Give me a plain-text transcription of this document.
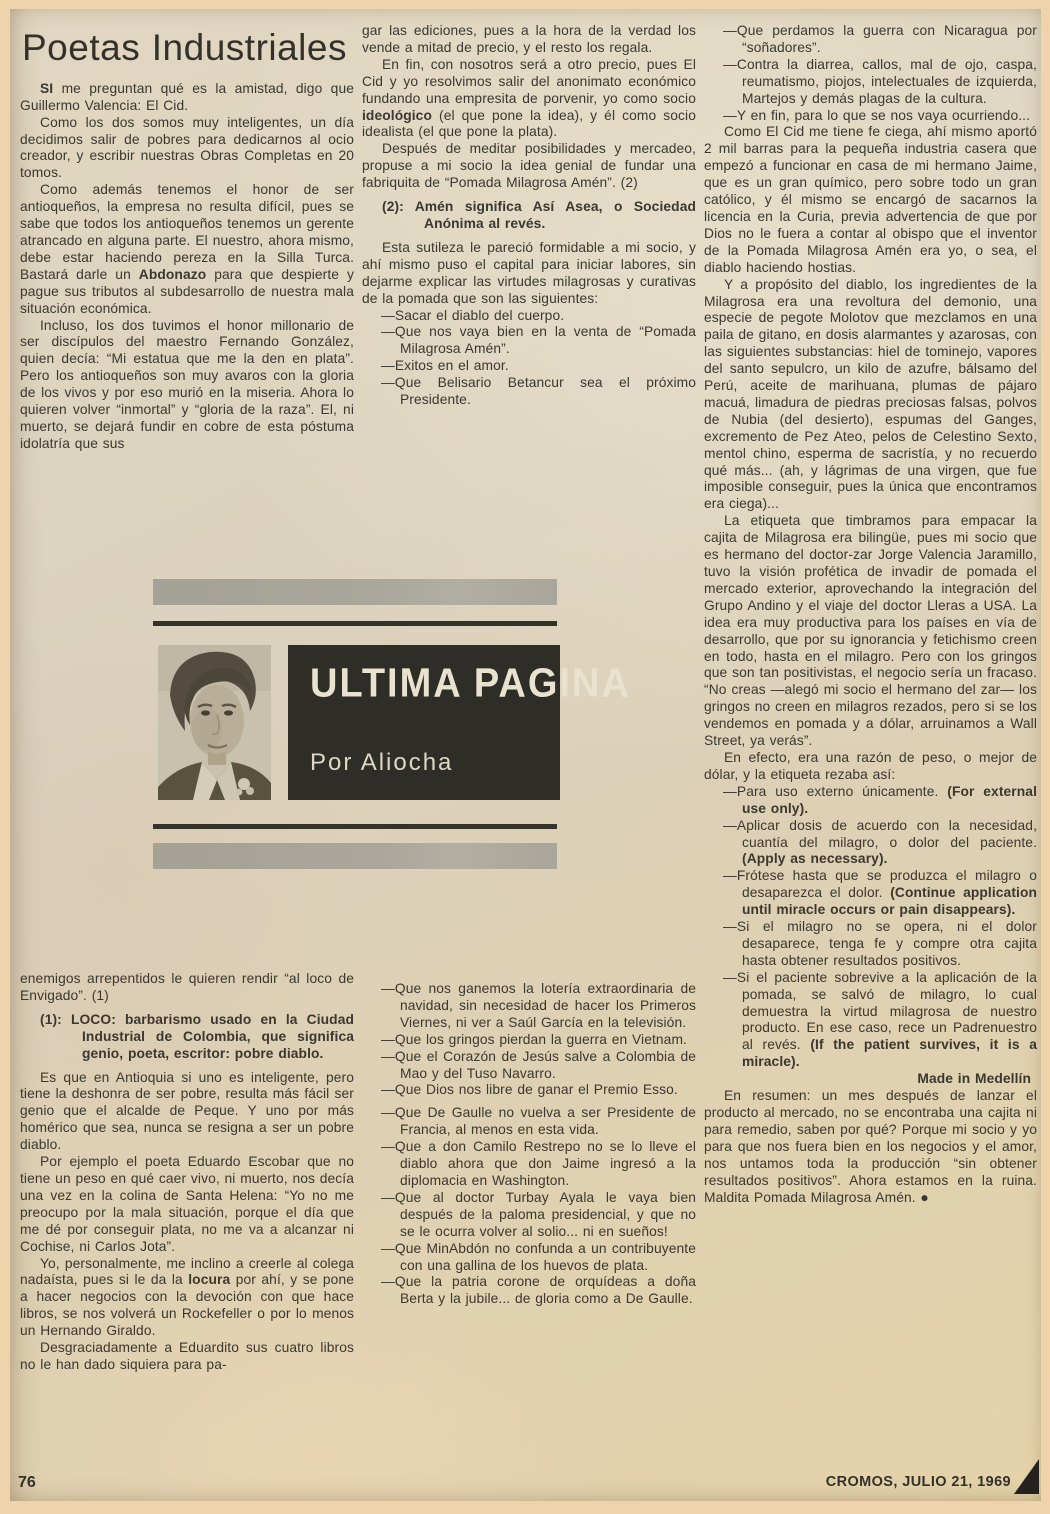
Poetas Industriales

SI me preguntan qué es la amistad, digo que Guillermo Valencia: El Cid.

Como los dos somos muy inteligentes, un día decidimos salir de pobres para dedicarnos al ocio creador, y escribir nuestras Obras Completas en 20 tomos.

Como además tenemos el honor de ser antioqueños, la empresa no resulta difícil, pues se sabe que todos los antioqueños tenemos un gerente atrancado en alguna parte. El nuestro, ahora mismo, debe estar haciendo pereza en la Silla Turca. Bastará darle un Abdonazo para que despierte y pague sus tributos al subdesarrollo de nuestra mala situación económica.

Incluso, los dos tuvimos el honor millonario de ser discípulos del maestro Fernando González, quien decía: “Mi estatua que me la den en plata”. Pero los antioqueños son muy avaros con la gloria de los vivos y por eso murió en la miseria. Ahora lo quieren volver “inmortal” y “gloria de la raza”. El, ni muerto, se dejará fundir en cobre de esta póstuma idolatría que sus

ULTIMA PAGINA
Por Aliocha

enemigos arrepentidos le quieren rendir “al loco de Envigado”. (1)

(1): LOCO: barbarismo usado en la Ciudad Industrial de Colombia, que significa genio, poeta, escritor: pobre diablo.

Es que en Antioquia si uno es inteligente, pero tiene la deshonra de ser pobre, resulta más fácil ser genio que el alcalde de Peque. Y uno por más homérico que sea, nunca se resigna a ser un pobre diablo.

Por ejemplo el poeta Eduardo Escobar que no tiene un peso en qué caer vivo, ni muerto, nos decía una vez en la colina de Santa Helena: “Yo no me preocupo por la mala situación, porque el día que me dé por conseguir plata, no me va a alcanzar ni Cochise, ni Carlos Jota”.

Yo, personalmente, me inclino a creerle al colega nadaísta, pues si le da la locura por ahí, y se pone a hacer negocios con la devoción con que hace libros, se nos volverá un Rockefeller o por lo menos un Hernando Giraldo.

Desgraciadamente a Eduardito sus cuatro libros no le han dado siquiera para pa-

gar las ediciones, pues a la hora de la verdad los vende a mitad de precio, y el resto los regala.

En fin, con nosotros será a otro precio, pues El Cid y yo resolvimos salir del anonimato económico fundando una empresita de porvenir, yo como socio ideológico (el que pone la idea), y él como socio idealista (el que pone la plata).

Después de meditar posibilidades y mercadeo, propuse a mi socio la idea genial de fundar una fabriquita de “Pomada Milagrosa Amén”. (2)

(2): Amén significa Así Asea, o Sociedad Anónima al revés.

Esta sutileza le pareció formidable a mi socio, y ahí mismo puso el capital para iniciar labores, sin dejarme explicar las virtudes milagrosas y curativas de la pomada que son las siguientes:

—Sacar el diablo del cuerpo.

—Que nos vaya bien en la venta de “Pomada Milagrosa Amén”.

—Exitos en el amor.

—Que Belisario Betancur sea el próximo Presidente.

—Que nos ganemos la lotería extraordinaria de navidad, sin necesidad de hacer los Primeros Viernes, ni ver a Saúl García en la televisión.

—Que los gringos pierdan la guerra en Vietnam.

—Que el Corazón de Jesús salve a Colombia de Mao y del Tuso Navarro.

—Que Dios nos libre de ganar el Premio Esso.

—Que De Gaulle no vuelva a ser Presidente de Francia, al menos en esta vida.

—Que a don Camilo Restrepo no se lo lleve el diablo ahora que don Jaime ingresó a la diplomacia en Washington.

—Que al doctor Turbay Ayala le vaya bien después de la paloma presidencial, y que no se le ocurra volver al solio... ni en sueños!

—Que MinAbdón no confunda a un contribuyente con una gallina de los huevos de plata.

—Que la patria corone de orquídeas a doña Berta y la jubile... de gloria como a De Gaulle.

—Que perdamos la guerra con Nicaragua por “soñadores”.

—Contra la diarrea, callos, mal de ojo, caspa, reumatismo, piojos, intelectuales de izquierda, Martejos y demás plagas de la cultura.

—Y en fin, para lo que se nos vaya ocurriendo...

Como El Cid me tiene fe ciega, ahí mismo aportó 2 mil barras para la pequeña industria casera que empezó a funcionar en casa de mi hermano Jaime, que es un gran químico, pero sobre todo un gran católico, y él mismo se encargó de sacarnos la licencia en la Curia, previa advertencia de que por Dios no le fuera a contar al obispo que el inventor de la Pomada Milagrosa Amén era yo, o sea, el diablo haciendo hostias.

Y a propósito del diablo, los ingredientes de la Milagrosa era una revoltura del demonio, una especie de pegote Molotov que mezclamos en una paila de gitano, en dosis alarmantes y azarosas, con las siguientes substancias: hiel de tominejo, vapores del santo sepulcro, un kilo de azufre, bálsamo del Perú, aceite de marihuana, plumas de pájaro macuá, limadura de piedras preciosas falsas, polvos de Nubia (del desierto), espumas del Ganges, excremento de Pez Ateo, pelos de Celestino Sexto, mentol chino, esperma de sacristía, y no recuerdo qué más... (ah, y lágrimas de una virgen, que fue imposible conseguir, pues la única que encontramos era ciega)...

La etiqueta que timbramos para empacar la cajita de Milagrosa era bilingüe, pues mi socio que es hermano del doctor-zar Jorge Valencia Jaramillo, tuvo la visión profética de invadir de pomada el mercado exterior, aprovechando la integración del Grupo Andino y el viaje del doctor Lleras a USA. La idea era muy productiva para los países en vía de desarrollo, que por su ignorancia y fetichismo creen en todo, hasta en el milagro. Pero con los gringos que son tan positivistas, el negocio sería un fracaso. “No creas —alegó mi socio el hermano del zar— los gringos no creen en milagros rezados, pero si se los vendemos en pomada y a dólar, arruinamos a Wall Street, ya verás”.

En efecto, era una razón de peso, o mejor de dólar, y la etiqueta rezaba así:

—Para uso externo únicamente. (For external use only).

—Aplicar dosis de acuerdo con la necesidad, cuantía del milagro, o dolor del paciente. (Apply as necessary).

—Frótese hasta que se produzca el milagro o desaparezca el dolor. (Continue application until miracle occurs or pain disappears).

—Si el milagro no se opera, ni el dolor desaparece, tenga fe y compre otra cajita hasta obtener resultados positivos.

—Si el paciente sobrevive a la aplicación de la pomada, se salvó de milagro, lo cual demuestra la virtud milagrosa de nuestro producto. En ese caso, rece un Padrenuestro al revés. (If the patient survives, it is a miracle).

Made in Medellín

En resumen: un mes después de lanzar el producto al mercado, no se encontraba una cajita ni para remedio, saben por qué? Porque mi socio y yo para que nos fuera bien en los negocios y el amor, nos untamos toda la producción “sin obtener resultados positivos”. Ahora estamos en la ruina. Maldita Pomada Milagrosa Amén. ●

76	CROMOS, JULIO 21, 1969
